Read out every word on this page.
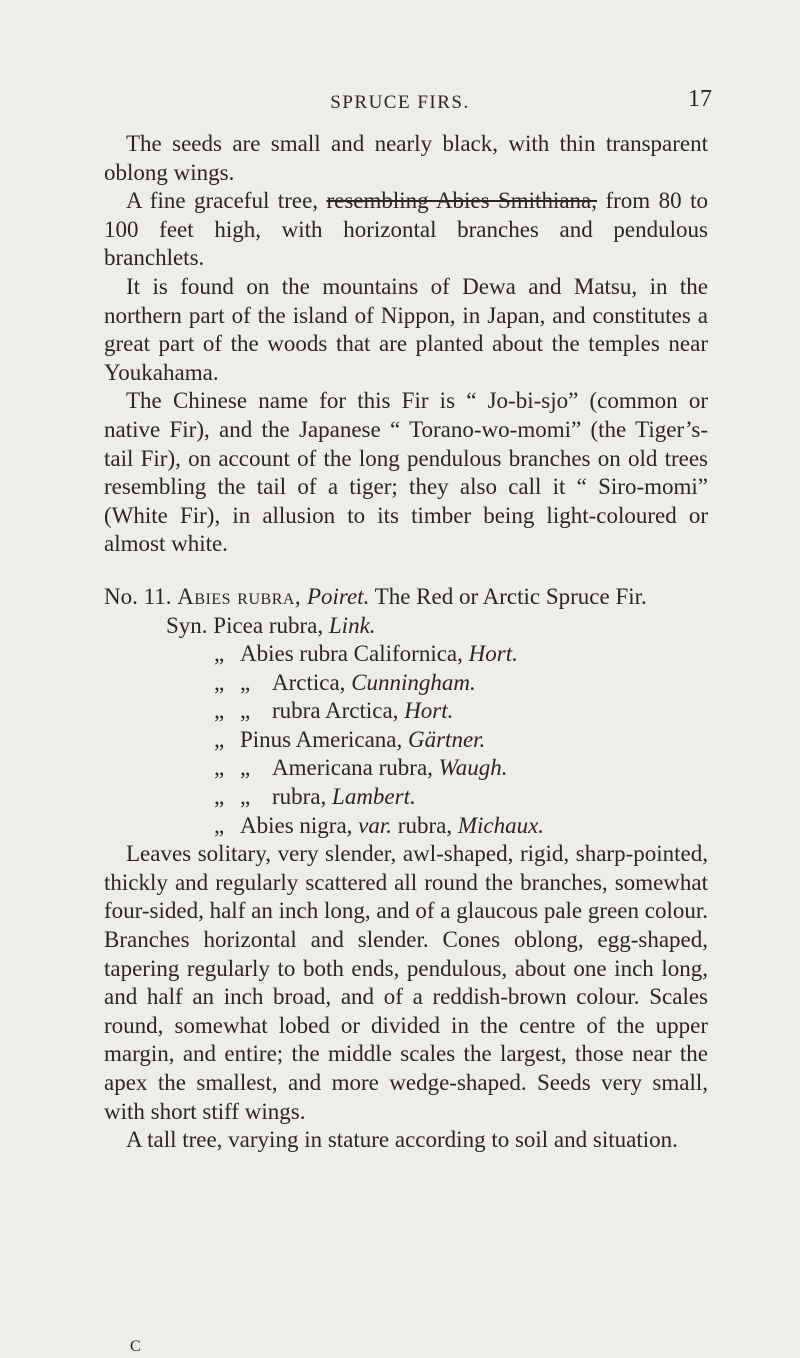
SPRUCE FIRS.	17

The seeds are small and nearly black, with thin transparent oblong wings.

A fine graceful tree, resembling Abies Smithiana, from 80 to 100 feet high, with horizontal branches and pendulous branchlets.

It is found on the mountains of Dewa and Matsu, in the northern part of the island of Nippon, in Japan, and constitutes a great part of the woods that are planted about the temples near Youkahama.

The Chinese name for this Fir is “ Jo-bi-sjo” (common or native Fir), and the Japanese “ Torano-wo-momi” (the Tiger’s-tail Fir), on account of the long pendulous branches on old trees resembling the tail of a tiger; they also call it “ Siro-momi” (White Fir), in allusion to its timber being light-coloured or almost white.

No. 11. Abies rubra, Poiret. The Red or Arctic Spruce Fir.

Syn. Picea rubra, Link.
„ Abies rubra Californica, Hort.
„ „ Arctica, Cunningham.
„ „ rubra Arctica, Hort.
„ Pinus Americana, Gärtner.
„ „ Americana rubra, Waugh.
„ „ rubra, Lambert.
„ Abies nigra, var. rubra, Michaux.

Leaves solitary, very slender, awl-shaped, rigid, sharp-pointed, thickly and regularly scattered all round the branches, somewhat four-sided, half an inch long, and of a glaucous pale green colour. Branches horizontal and slender. Cones oblong, egg-shaped, tapering regularly to both ends, pendulous, about one inch long, and half an inch broad, and of a reddish-brown colour. Scales round, somewhat lobed or divided in the centre of the upper margin, and entire; the middle scales the largest, those near the apex the smallest, and more wedge-shaped. Seeds very small, with short stiff wings.

A tall tree, varying in stature according to soil and situation.

C
